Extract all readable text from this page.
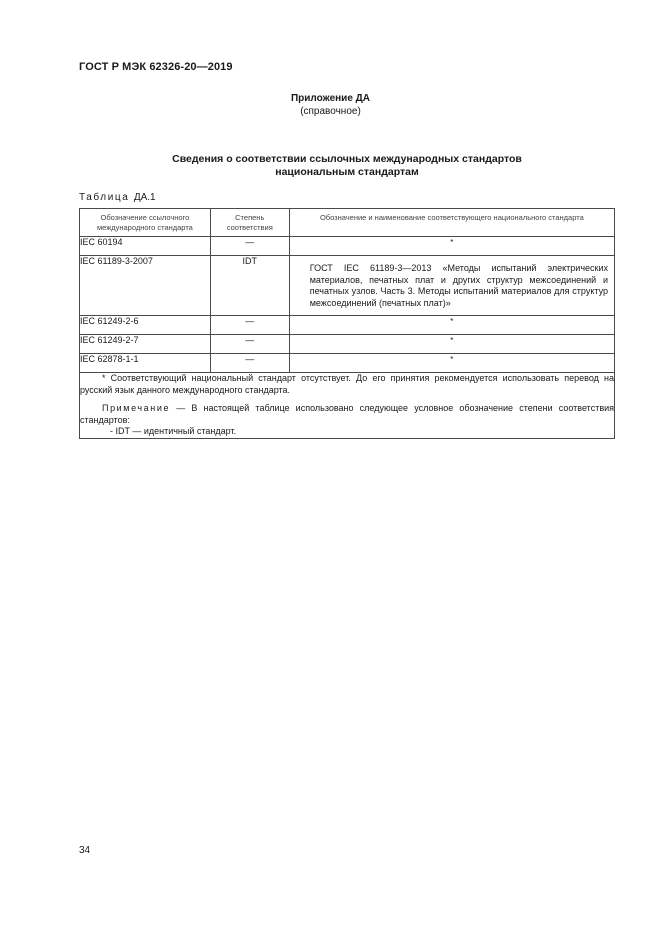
ГОСТ Р МЭК 62326-20—2019
Приложение ДА
(справочное)
Сведения о соответствии ссылочных международных стандартов
национальным стандартам
Таблица ДА.1
Обозначение ссылочного международного стандарта	Степень соответствия	Обозначение и наименование соответствующего национального стандарта
IEC 60194	—	*
IEC 61189-3-2007	IDT	ГОСТ IEC 61189-3—2013 «Методы испытаний электрических материалов, печатных плат и других структур межсоединений и печатных узлов. Часть 3. Методы испытаний материалов для структур межсоединений (печатных плат)»

IEC 61249-2-6	—	*
IEC 61249-2-7	—	*
IEC 62878-1-1	—	*

* Соответствующий национальный стандарт отсутствует. До его принятия рекомендуется использовать перевод на русский язык данного международного стандарта.

Примечание — В настоящей таблице использовано следующее условное обозначение степени соответствия стандартов:

- IDT — идентичный стандарт.		

34
